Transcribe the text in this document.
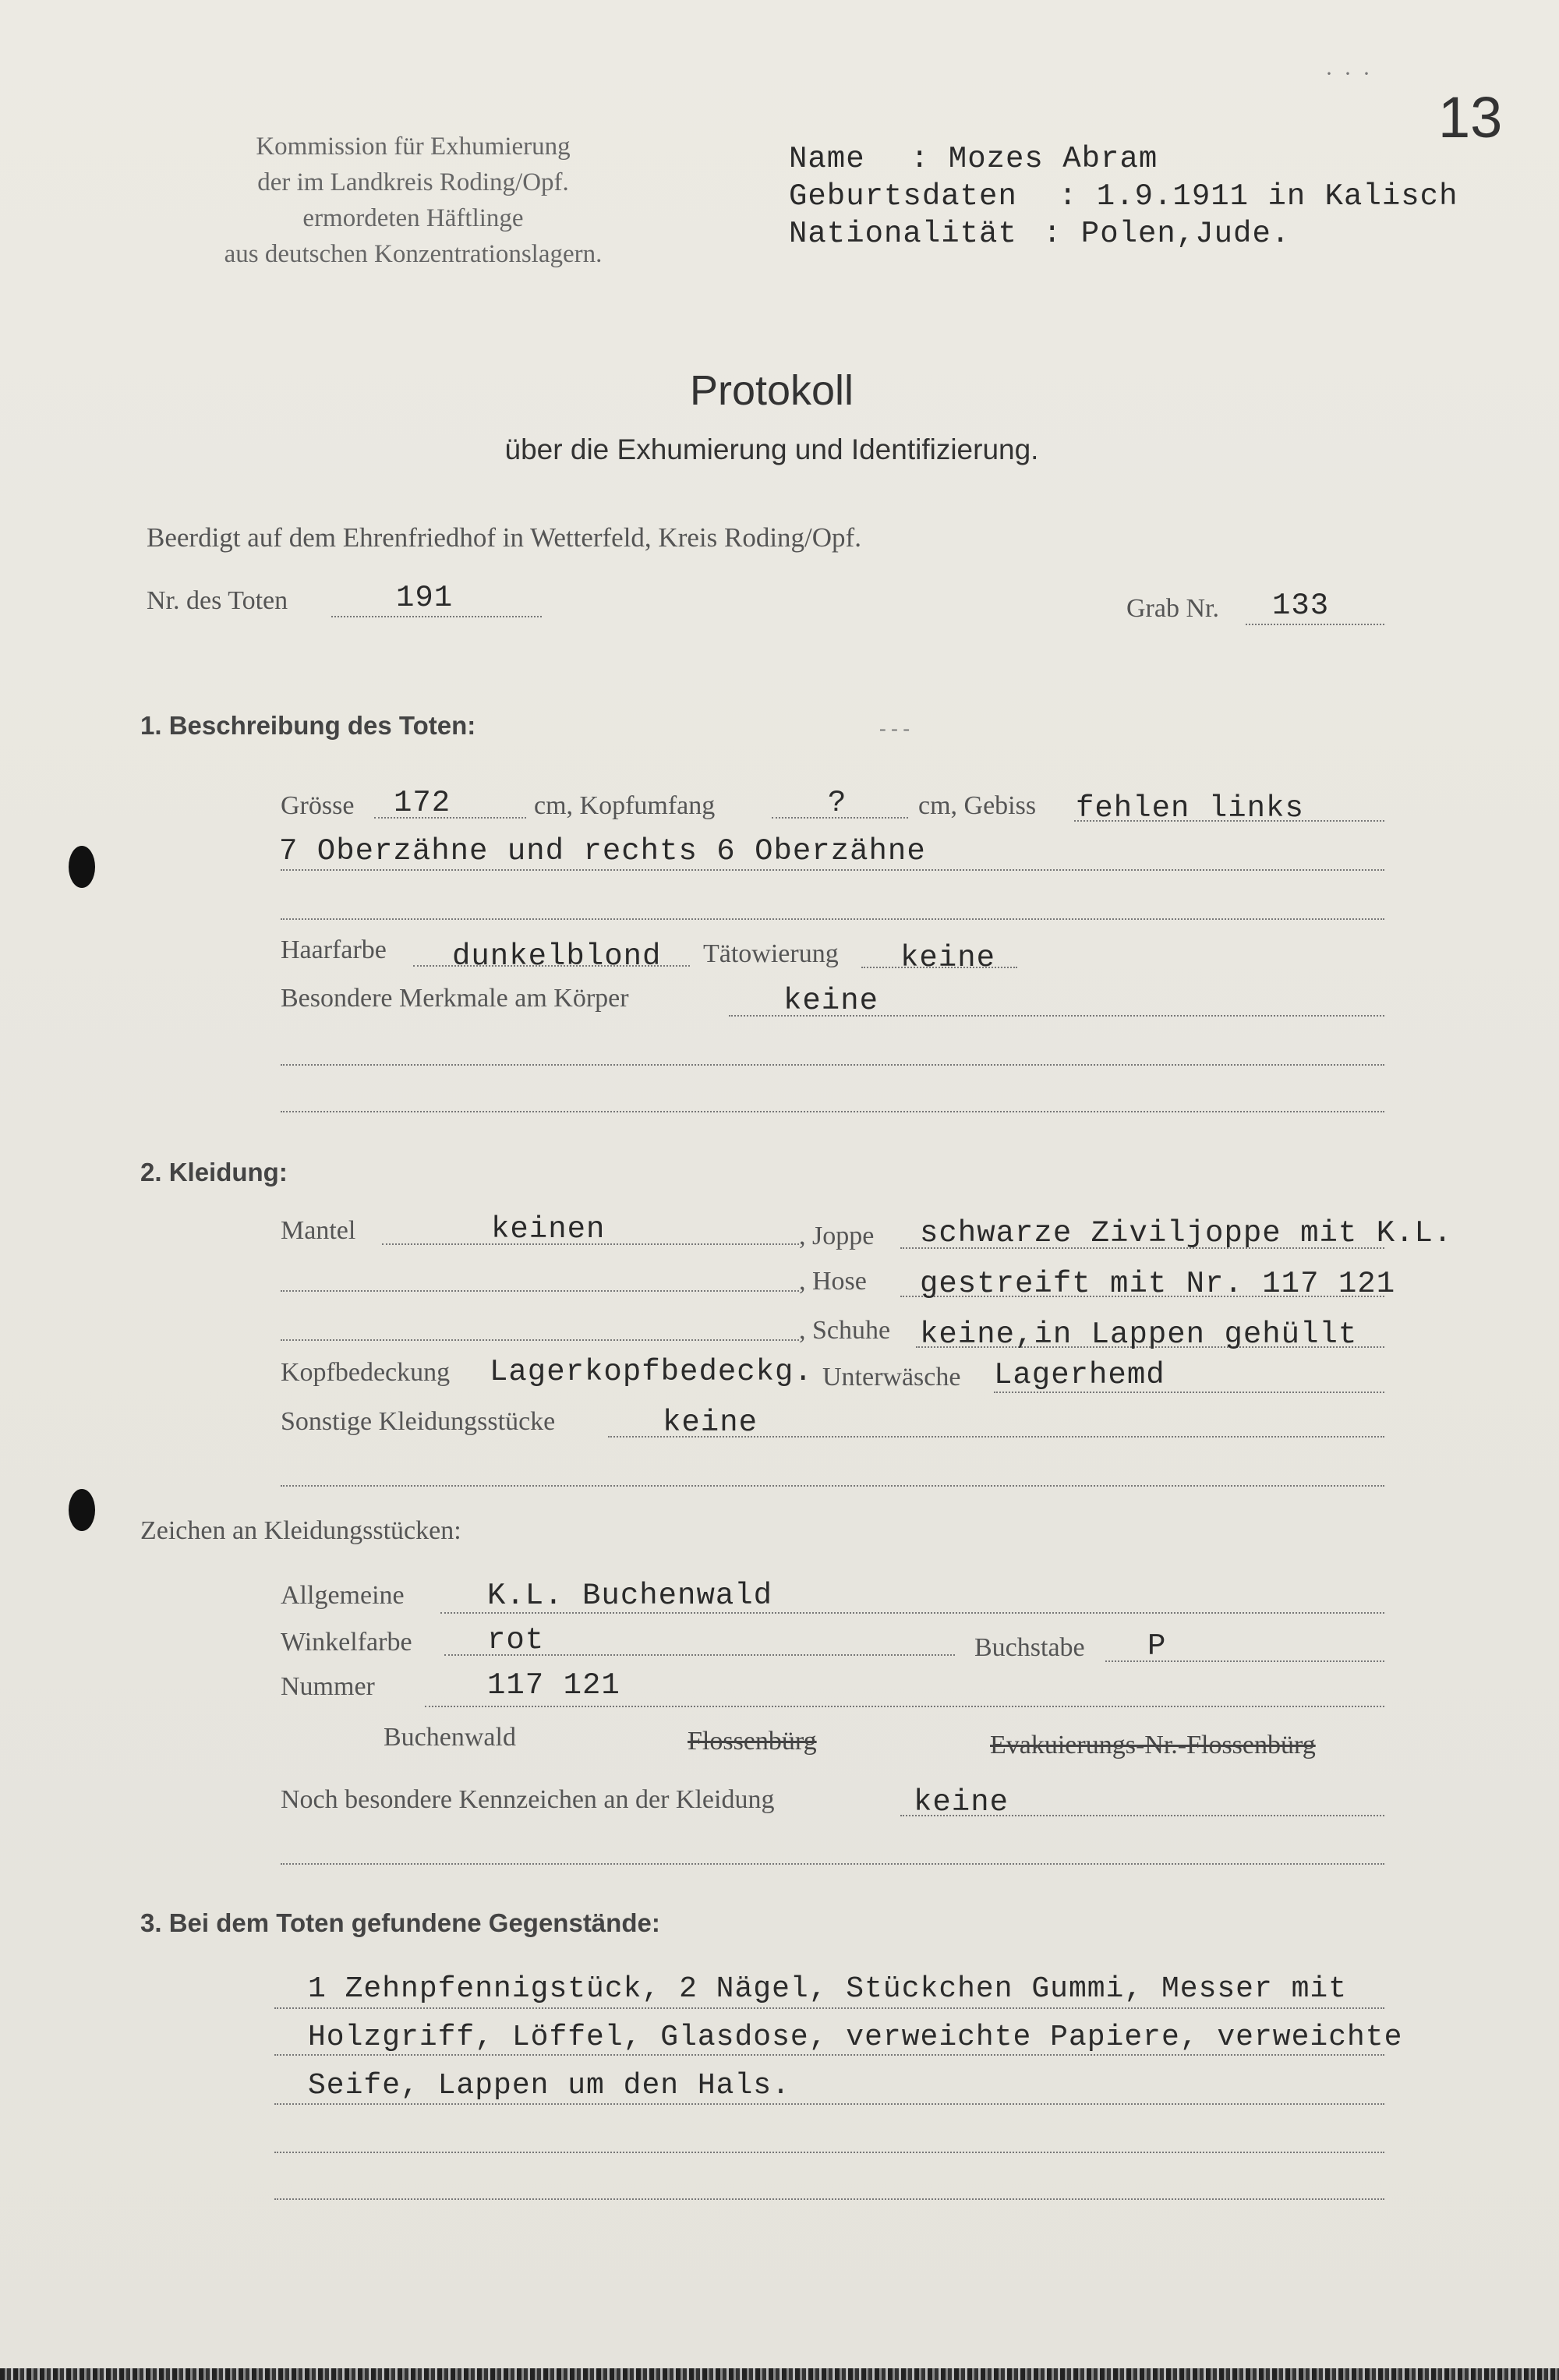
13
···
Kommission für Exhumierung
der im Landkreis Roding/Opf.
ermordeten Häftlinge
aus deutschen Konzentrationslagern.
Name : Mozes Abram
Geburtsdaten : 1.9.1911 in Kalisch
Nationalität : Polen,Jude.
Protokoll
über die Exhumierung und Identifizierung.
Beerdigt auf dem Ehrenfriedhof in Wetterfeld, Kreis Roding/Opf.
Nr. des Toten	191	Grab Nr. 133
1. Beschreibung des Toten:	- - -
Grösse 172	cm, Kopfumfang	?	cm, Gebiss fehlen links
7 Oberzähne und rechts 6 Oberzähne
Haarfarbe dunkelblond Tätowierung keine
Besondere Merkmale am Körper	keine
2. Kleidung:
Mantel	keinen	, Joppe schwarze Ziviljoppe mit K.L.
, Hose gestreift mit Nr. 117 121
, Schuhe keine,in Lappen gehüllt
Kopfbedeckung Lagerkopfbedeckg. Unterwäsche Lagerhemd
Sonstige Kleidungsstücke	keine
Zeichen an Kleidungsstücken:
Allgemeine	K.L. Buchenwald
Winkelfarbe rot	Buchstabe P
Nummer	117 121
Buchenwald	Flossenbürg	Evakuierungs-Nr.-Flossenbürg
Noch besondere Kennzeichen an der Kleidung	keine
3. Bei dem Toten gefundene Gegenstände:
1 Zehnpfennigstück, 2 Nägel, Stückchen Gummi, Messer mit
Holzgriff, Löffel, Glasdose, verweichte Papiere, verweichte
Seife, Lappen um den Hals.
